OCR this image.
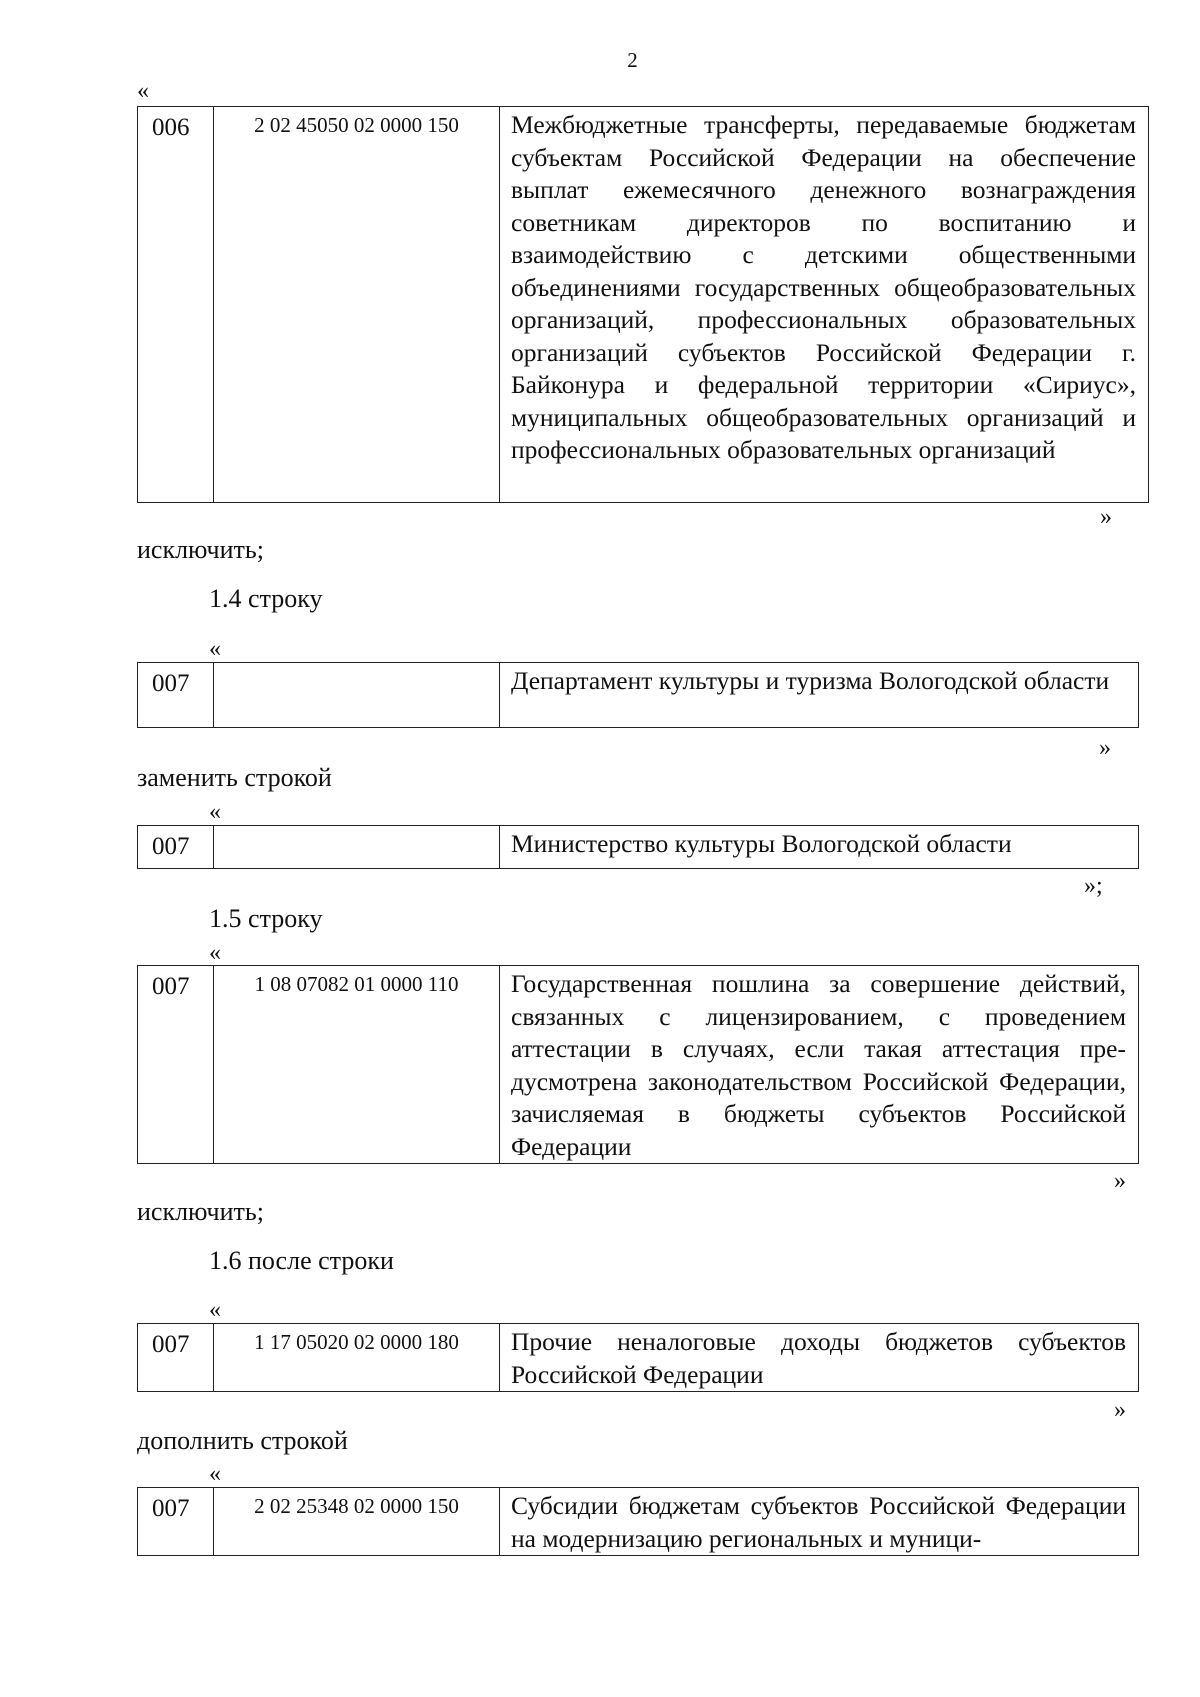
2
«
006	2 02 45050 02 0000 150	Межбюджетные трансферты, передаваемые бюджетам субъектам Российской Федерации на обеспечение выплат ежемесячного денежного вознаграждения советникам директоров по воспитанию и взаимодействию с детскими общественными объединениями государственных общеобразовательных организаций, профессиональных образовательных организаций субъектов Российской Федерации г. Байконура и федеральной территории «Сириус», муниципальных общеобразовательных организаций и профессиональных образовательных организаций
»
исключить;
1.4 строку
«
007		Департамент культуры и туризма Вологодской области
»
заменить строкой
«
007		Министерство культуры Вологодской области
»;
1.5 строку
«
007	1 08 07082 01 0000 110	Государственная пошлина за совершение действий, связанных с лицензированием, с проведением аттестации в случаях, если такая аттестация предусмотрена законодательством Российской Федерации, зачисляемая в бюджеты субъектов Российской Федерации
»
исключить;
1.6 после строки
«
007	1 17 05020 02 0000 180	Прочие неналоговые доходы бюджетов субъектов Российской Федерации
»
дополнить строкой
«
007	2 02 25348 02 0000 150	Субсидии бюджетам субъектов Российской Федерации на модернизацию региональных и муници-
